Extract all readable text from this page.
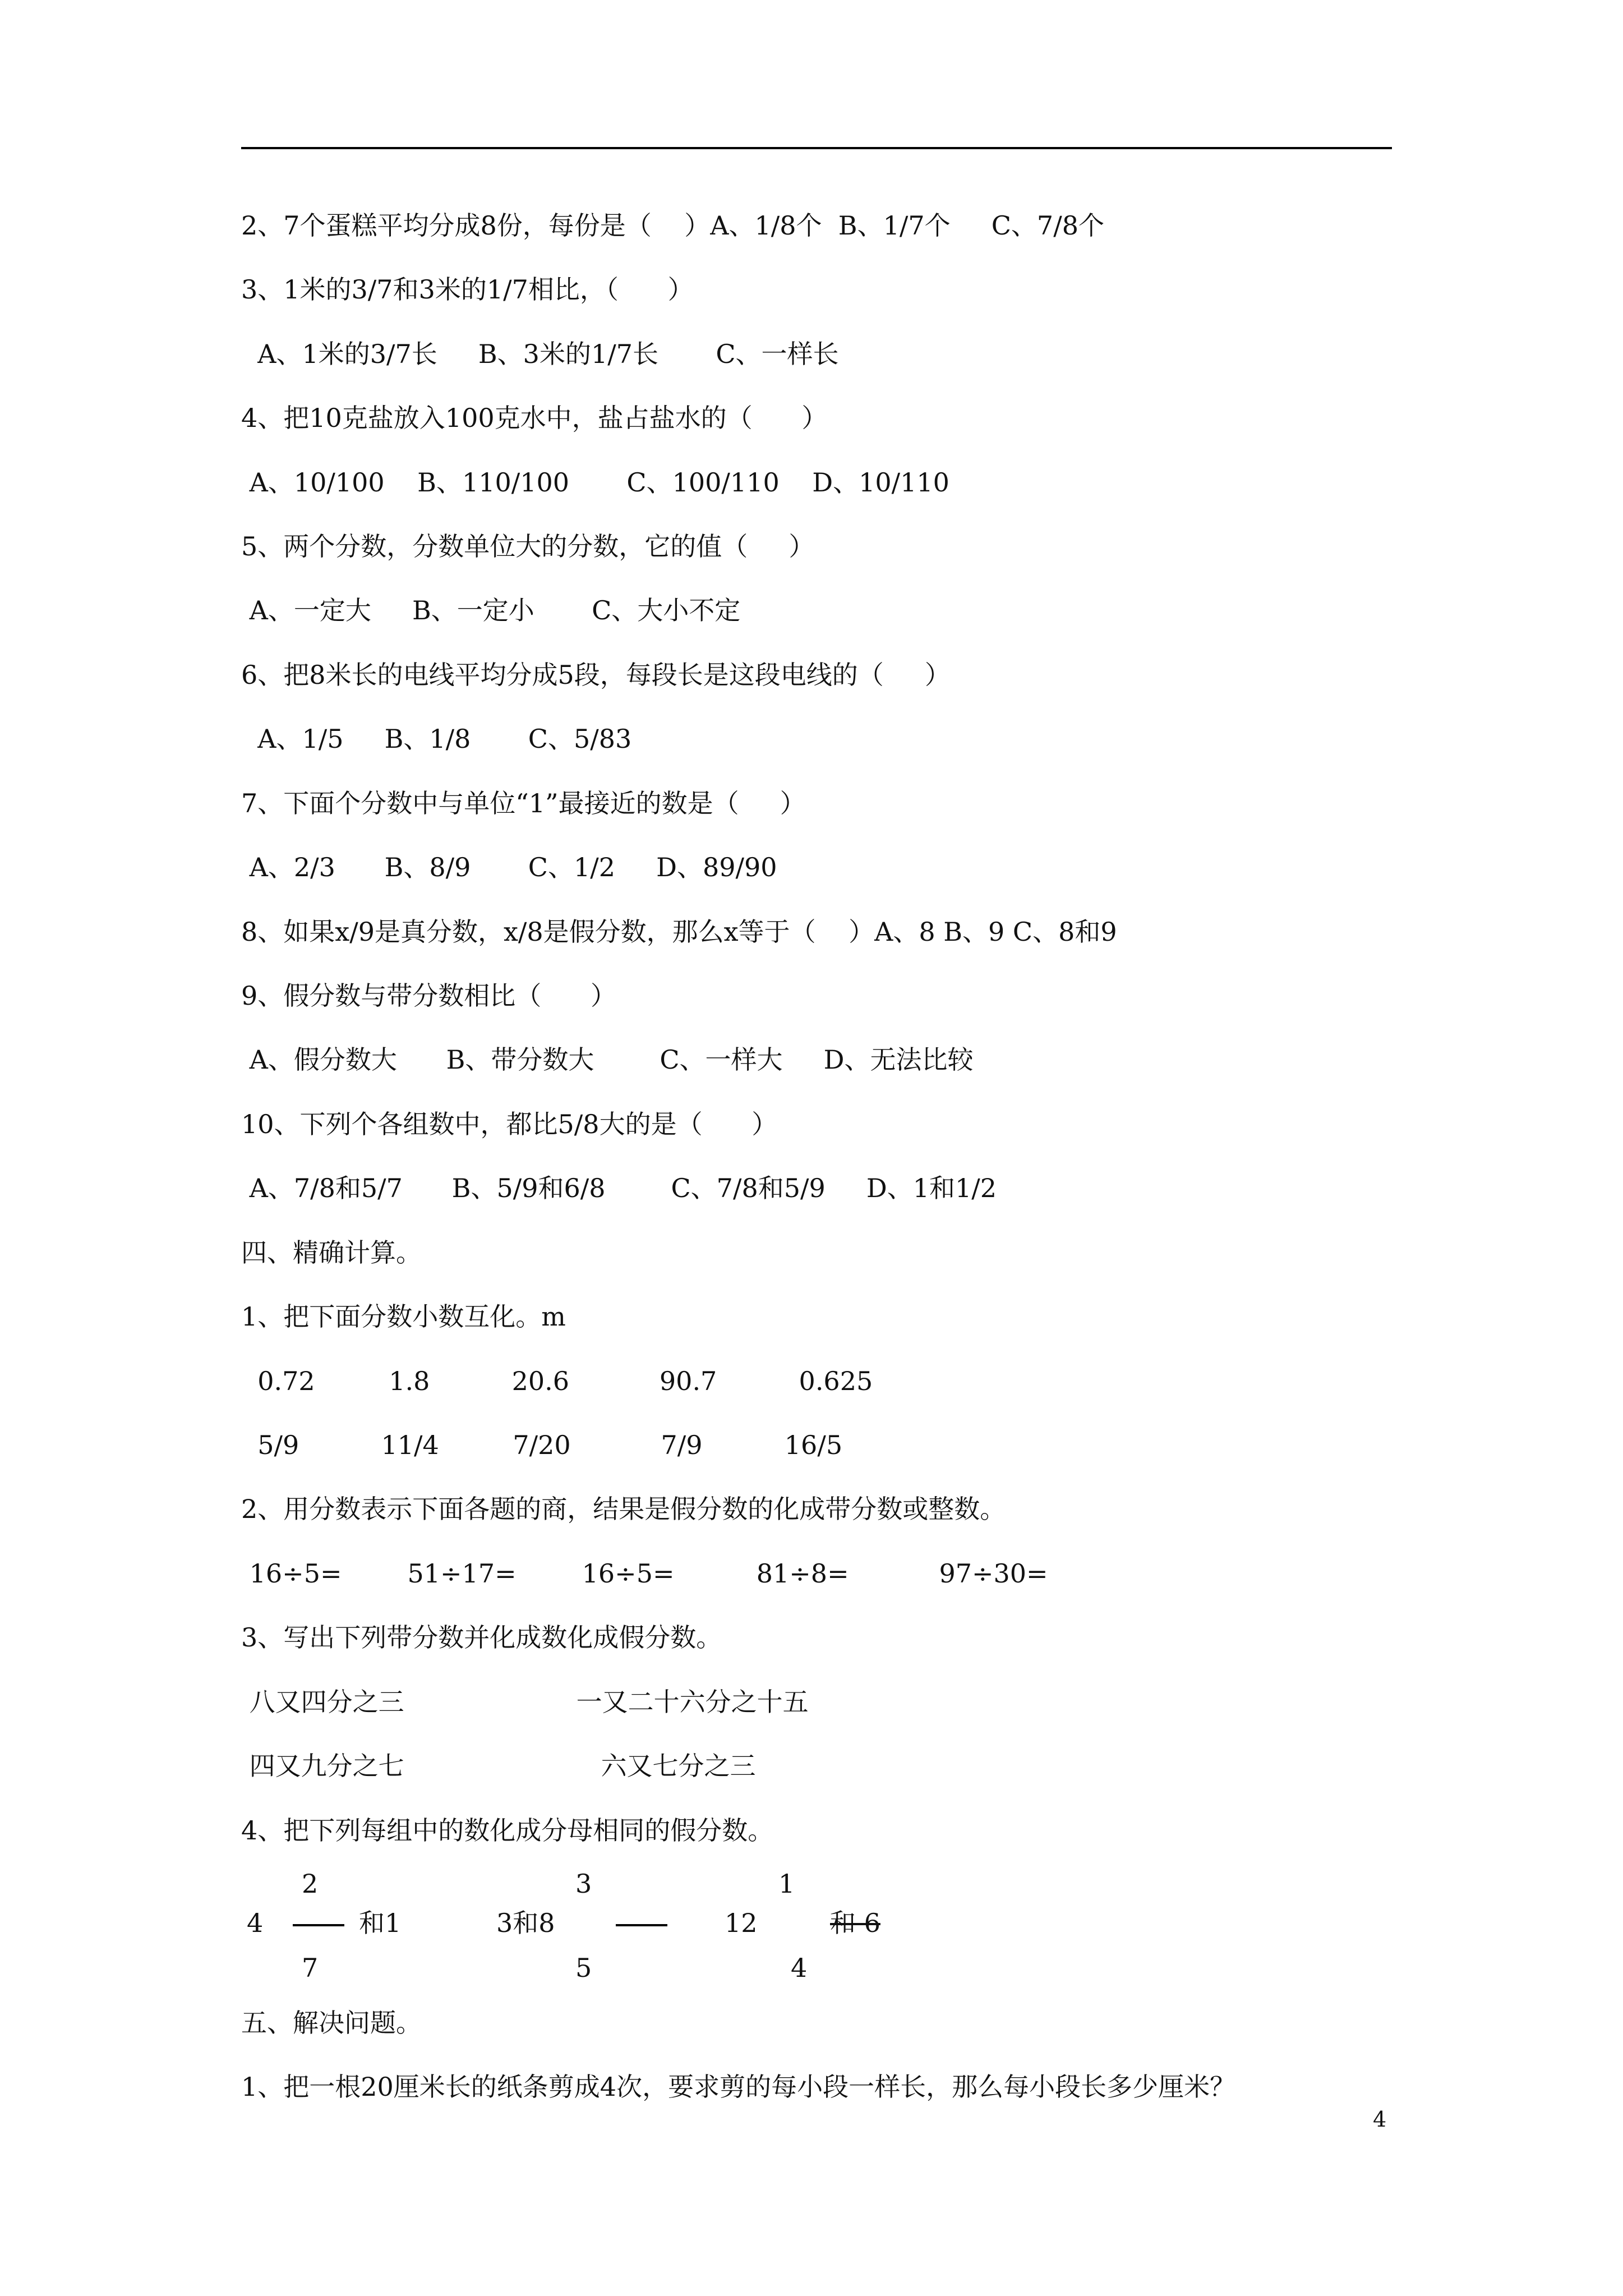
2、7个蛋糕平均分成8份，每份是（    ）A、1/8个  B、1/7个     C、7/8个
3、1米的3/7和3米的1/7相比，（      ）
A、1米的3/7长     B、3米的1/7长       C、一样长
4、把10克盐放入100克水中，盐占盐水的（      ）
A、10/100    B、110/100       C、100/110    D、10/110
5、两个分数，分数单位大的分数，它的值（     ）
A、一定大     B、一定小       C、大小不定
6、把8米长的电线平均分成5段，每段长是这段电线的（     ）
A、1/5     B、1/8       C、5/83
7、下面个分数中与单位“1”最接近的数是（     ）
A、2/3      B、8/9       C、1/2     D、89/90
8、如果x/9是真分数，x/8是假分数，那么x等于（    ）A、8 B、9 C、8和9
9、假分数与带分数相比（      ）
A、假分数大      B、带分数大        C、一样大     D、无法比较
10、下列个各组数中，都比5/8大的是（      ）
A、7/8和5/7      B、5/9和6/8        C、7/8和5/9     D、1和1/2
四、精确计算。
1、把下面分数小数互化。m
0.72         1.8          20.6           90.7          0.625
5/9          11/4         7/20           7/9          16/5
2、用分数表示下面各题的商，结果是假分数的化成带分数或整数。
16÷5=        51÷17=        16÷5=          81÷8=           97÷30=
3、写出下列带分数并化成数化成假分数。
八又四分之三                     一又二十六分之十五
四又九分之七                        六又七分之三
4、把下列每组中的数化成分母相同的假分数。
2	3	1
4	和1	3和8	12	和 6
7	5	4
五、解决问题。
1、把一根20厘米长的纸条剪成4次，要求剪的每小段一样长，那么每小段长多少厘米？
4
